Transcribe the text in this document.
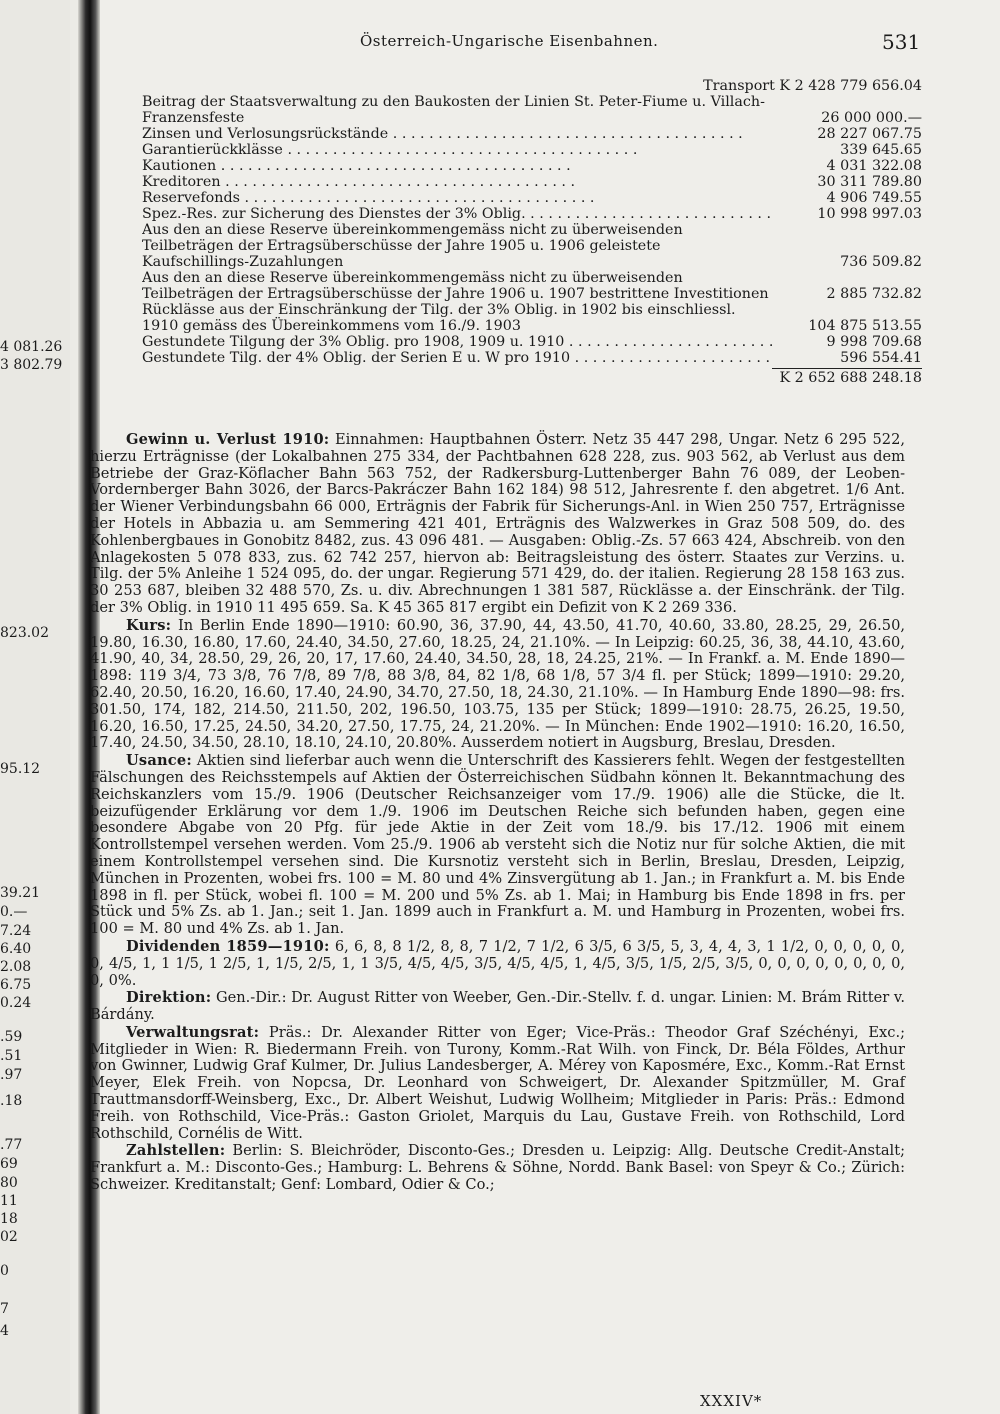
4 081.26
3 802.79
823.02
95.12
39.21
0.—
7.24
6.40
2.08
6.75
0.24
.59
.51
.97
.18
.77
69
80
11
18
02
0
7
4
Österreich-Ungarische Eisenbahnen.	531
Transport K 2 428 779 656.04
Beitrag der Staatsverwaltung zu den Baukosten der Linien St. Peter-Fiume u. Villach-Franzensfeste	26 000 000.—
Zinsen und Verlosungsrückstände . . .	28 227 067.75
Garantierückklässe . . .	339 645.65
Kautionen . . .	4 031 322.08
Kreditoren . . .	30 311 789.80
Reservefonds . . .	4 906 749.55
Spez.-Res. zur Sicherung des Dienstes der 3% Oblig. . . .	10 998 997.03
Aus den an diese Reserve übereinkommengemäss nicht zu überweisenden Teilbeträgen der Ertragsüberschüsse der Jahre 1905 u. 1906 geleistete Kaufschillings-Zuzahlungen	736 509.82
Aus den an diese Reserve übereinkommengemäss nicht zu überweisenden Teilbeträgen der Ertragsüberschüsse der Jahre 1906 u. 1907 bestrittene Investitionen	2 885 732.82
Rücklässe aus der Einschränkung der Tilg. der 3% Oblig. in 1902 bis einschliessl. 1910 gemäss des Übereinkommens vom 16./9. 1903	104 875 513.55
Gestundete Tilgung der 3% Oblig. pro 1908, 1909 u. 1910 . . .	9 998 709.68
Gestundete Tilg. der 4% Oblig. der Serien E u. W pro 1910 . . .	596 554.41
K 2 652 688 248.18

Gewinn u. Verlust 1910: Einnahmen: Hauptbahnen Österr. Netz 35 447 298, Ungar. Netz 6 295 522, hierzu Erträgnisse (der Lokalbahnen 275 334, der Pachtbahnen 628 228, zus. 903 562, ab Verlust aus dem Betriebe der Graz-Köflacher Bahn 563 752, der Radkersburg-Luttenberger Bahn 76 089, der Leoben-Vordernberger Bahn 3026, der Barcs-Pakráczer Bahn 162 184) 98 512, Jahresrente f. den abgetret. 1/6 Ant. der Wiener Verbindungsbahn 66 000, Erträgnis der Fabrik für Sicherungs-Anl. in Wien 250 757, Erträgnisse der Hotels in Abbazia u. am Semmering 421 401, Erträgnis des Walzwerkes in Graz 508 509, do. des Kohlenbergbaues in Gonobitz 8482, zus. 43 096 481. — Ausgaben: Oblig.-Zs. 57 663 424, Abschreib. von den Anlagekosten 5 078 833, zus. 62 742 257, hiervon ab: Beitragsleistung des österr. Staates zur Verzins. u. Tilg. der 5% Anleihe 1 524 095, do. der ungar. Regierung 571 429, do. der italien. Regierung 28 158 163 zus. 30 253 687, bleiben 32 488 570, Zs. u. div. Abrechnungen 1 381 587, Rücklässe a. der Einschränk. der Tilg. der 3% Oblig. in 1910 11 495 659. Sa. K 45 365 817 ergibt ein Defizit von K 2 269 336.

Kurs: In Berlin Ende 1890—1910: 60.90, 36, 37.90, 44, 43.50, 41.70, 40.60, 33.80, 28.25, 29, 26.50, 19.80, 16.30, 16.80, 17.60, 24.40, 34.50, 27.60, 18.25, 24, 21.10%. — In Leipzig: 60.25, 36, 38, 44.10, 43.60, 41.90, 40, 34, 28.50, 29, 26, 20, 17, 17.60, 24.40, 34.50, 28, 18, 24.25, 21%. — In Frankf. a. M. Ende 1890—1898: 119 3/4, 73 3/8, 76 7/8, 89 7/8, 88 3/8, 84, 82 1/8, 68 1/8, 57 3/4 fl. per Stück; 1899—1910: 29.20, 62.40, 20.50, 16.20, 16.60, 17.40, 24.90, 34.70, 27.50, 18, 24.30, 21.10%. — In Hamburg Ende 1890—98: frs. 301.50, 174, 182, 214.50, 211.50, 202, 196.50, 103.75, 135 per Stück; 1899—1910: 28.75, 26.25, 19.50, 16.20, 16.50, 17.25, 24.50, 34.20, 27.50, 17.75, 24, 21.20%. — In München: Ende 1902—1910: 16.20, 16.50, 17.40, 24.50, 34.50, 28.10, 18.10, 24.10, 20.80%. Ausserdem notiert in Augsburg, Breslau, Dresden.

Usance: Aktien sind lieferbar auch wenn die Unterschrift des Kassierers fehlt. Wegen der festgestellten Fälschungen des Reichsstempels auf Aktien der Österreichischen Südbahn können lt. Bekanntmachung des Reichskanzlers vom 15./9. 1906 (Deutscher Reichsanzeiger vom 17./9. 1906) alle die Stücke, die lt. beizufügender Erklärung vor dem 1./9. 1906 im Deutschen Reiche sich befunden haben, gegen eine besondere Abgabe von 20 Pfg. für jede Aktie in der Zeit vom 18./9. bis 17./12. 1906 mit einem Kontrollstempel versehen werden. Vom 25./9. 1906 ab versteht sich die Notiz nur für solche Aktien, die mit einem Kontrollstempel versehen sind. Die Kursnotiz versteht sich in Berlin, Breslau, Dresden, Leipzig, München in Prozenten, wobei frs. 100 = M. 80 und 4% Zinsvergütung ab 1. Jan.; in Frankfurt a. M. bis Ende 1898 in fl. per Stück, wobei fl. 100 = M. 200 und 5% Zs. ab 1. Mai; in Hamburg bis Ende 1898 in frs. per Stück und 5% Zs. ab 1. Jan.; seit 1. Jan. 1899 auch in Frankfurt a. M. und Hamburg in Prozenten, wobei frs. 100 = M. 80 und 4% Zs. ab 1. Jan.

Dividenden 1859—1910: 6, 6, 8, 8 1/2, 8, 8, 7 1/2, 7 1/2, 6 3/5, 6 3/5, 5, 3, 4, 4, 3, 1 1/2, 0, 0, 0, 0, 0, 0, 4/5, 1, 1 1/5, 1 2/5, 1, 1/5, 2/5, 1, 1 3/5, 4/5, 4/5, 3/5, 4/5, 4/5, 1, 4/5, 3/5, 1/5, 2/5, 3/5, 0, 0, 0, 0, 0, 0, 0, 0, 0, 0%.

Direktion: Gen.-Dir.: Dr. August Ritter von Weeber, Gen.-Dir.-Stellv. f. d. ungar. Linien: M. Brám Ritter v. Bárdány.

Verwaltungsrat: Präs.: Dr. Alexander Ritter von Eger; Vice-Präs.: Theodor Graf Széchényi, Exc.; Mitglieder in Wien: R. Biedermann Freih. von Turony, Komm.-Rat Wilh. von Finck, Dr. Béla Földes, Arthur von Gwinner, Ludwig Graf Kulmer, Dr. Julius Landesberger, A. Mérey von Kaposmére, Exc., Komm.-Rat Ernst Meyer, Elek Freih. von Nopcsa, Dr. Leonhard von Schweigert, Dr. Alexander Spitzmüller, M. Graf Trauttmansdorff-Weinsberg, Exc., Dr. Albert Weishut, Ludwig Wollheim; Mitglieder in Paris: Präs.: Edmond Freih. von Rothschild, Vice-Präs.: Gaston Griolet, Marquis du Lau, Gustave Freih. von Rothschild, Lord Rothschild, Cornélis de Witt.

Zahlstellen: Berlin: S. Bleichröder, Disconto-Ges.; Dresden u. Leipzig: Allg. Deutsche Credit-Anstalt; Frankfurt a. M.: Disconto-Ges.; Hamburg: L. Behrens & Söhne, Nordd. Bank Basel: von Speyr & Co.; Zürich: Schweizer. Kreditanstalt; Genf: Lombard, Odier & Co.;

XXXIV*
